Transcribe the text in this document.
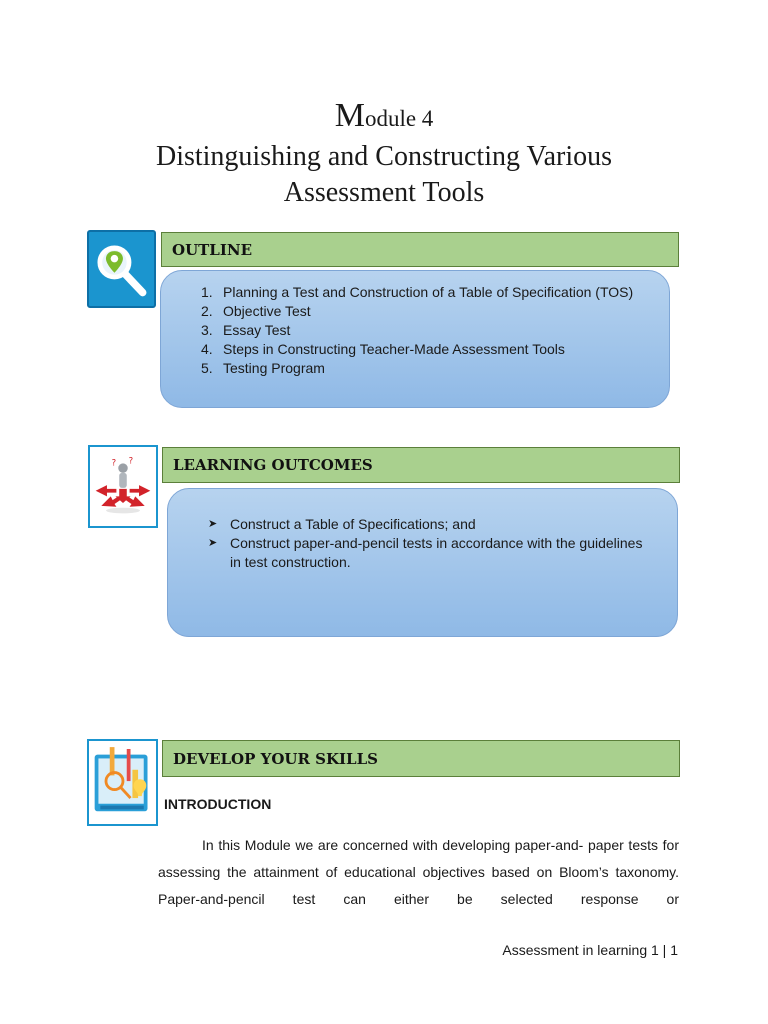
Module 4
Distinguishing and Constructing Various
Assessment Tools
OUTLINE
1. Planning a Test and Construction of a Table of Specification (TOS)
2. Objective Test
3. Essay Test
4. Steps in Constructing Teacher-Made Assessment Tools
5. Testing Program
? ?	LEARNING OUTCOMES
➤ Construct a Table of Specifications; and
➤ Construct paper-and-pencil tests in accordance with the guidelines in test construction.
DEVELOP YOUR SKILLS
INTRODUCTION
In this Module we are concerned with developing paper-and- paper tests for assessing the attainment of educational objectives based on Bloom’s taxonomy. Paper-and-pencil test can either be selected response or
Assessment in learning 1 | 1
